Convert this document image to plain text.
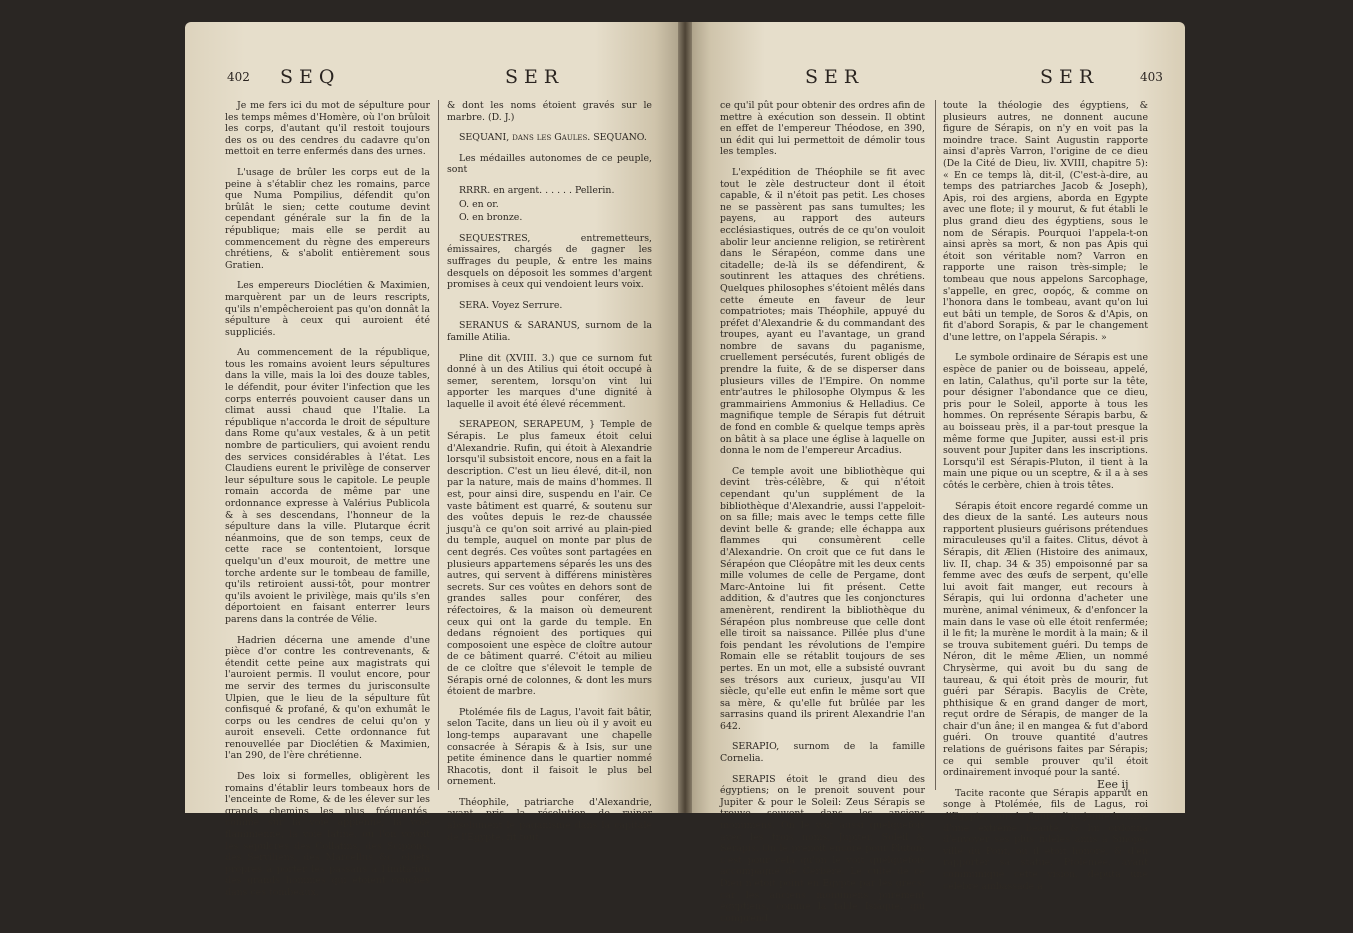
402 SEQ	SER

Je me fers ici du mot de sépulture pour les temps mêmes d'Homère, où l'on brûloit les corps, d'autant qu'il restoit toujours des os ou des cendres du cadavre qu'on mettoit en terre enfermés dans des urnes.

L'usage de brûler les corps eut de la peine à s'établir chez les romains, parce que Numa Pompilius, défendit qu'on brûlât le sien; cette coutume devint cependant générale sur la fin de la république; mais elle se perdit au commencement du règne des empereurs chrétiens, & s'abolit entièrement sous Gratien.

Les empereurs Dioclétien & Maximien, marquèrent par un de leurs rescripts, qu'ils n'empêcheroient pas qu'on donnât la sépulture à ceux qui auroient été suppliciés.

Au commencement de la république, tous les romains avoient leurs sépultures dans la ville, mais la loi des douze tables, le défendit, pour éviter l'infection que les corps enterrés pouvoient causer dans un climat aussi chaud que l'Italie. La république n'accorda le droit de sépulture dans Rome qu'aux vestales, & à un petit nombre de particuliers, qui avoient rendu des services considérables à l'état. Les Claudiens eurent le privilège de conserver leur sépulture sous le capitole. Le peuple romain accorda de même par une ordonnance expresse à Valérius Publicola & à ses descendans, l'honneur de la sépulture dans la ville. Plutarque écrit néanmoins, que de son temps, ceux de cette race se contentoient, lorsque quelqu'un d'eux mouroit, de mettre une torche ardente sur le tombeau de famille, qu'ils retiroient aussi-tôt, pour montrer qu'ils avoient le privilège, mais qu'ils s'en déportoient en faisant enterrer leurs parens dans la contrée de Vélie.

Hadrien décerna une amende d'une pièce d'or contre les contrevenants, & étendit cette peine aux magistrats qui l'auroient permis. Il voulut encore, pour me servir des termes du jurisconsulte Ulpien, que le lieu de la sépulture fût confisqué & profané, & qu'on exhumât le corps ou les cendres de celui qu'on y auroit enseveli. Cette ordonnance fut renouvellée par Dioclétien & Maximien, l'an 290, de l'ère chrétienne.

Des loix si formelles, obligèrent les romains d'établir leurs tombeaux hors de l'enceinte de Rome, & de les élever sur les grands chemins les plus fréquentés, comme sur la voie appienne, la voie flaminienne, la voie latine, où l'on voyoit les sépulcres des Collatins, des Scipions, des Serviliens, des Marcellus &c. objets propres à porter les passans à l'imitation des grands hommes qui étoient couchés dans ces tombeaux,

& dont les noms étoient gravés sur le marbre. (D. J.)

SEQUANI, dans les Gaules. SEQUANO.

Les médailles autonomes de ce peuple, sont

RRRR. en argent. . . . . . Pellerin.

O. en or.

O. en bronze.

SEQUESTRES, entremetteurs, émissaires, chargés de gagner les suffrages du peuple, & entre les mains desquels on déposoit les sommes d'argent promises à ceux qui vendoient leurs voix.

SERA. Voyez Serrure.

SERANUS & SARANUS, surnom de la famille Atilia.

Pline dit (XVIII. 3.) que ce surnom fut donné à un des Atilius qui étoit occupé à semer, serentem, lorsqu'on vint lui apporter les marques d'une dignité à laquelle il avoit été élevé récemment.

SERAPEON, SERAPEUM, } Temple de Sérapis. Le plus fameux étoit celui d'Alexandrie. Rufin, qui étoit à Alexandrie lorsqu'il subsistoit encore, nous en a fait la description. C'est un lieu élevé, dit-il, non par la nature, mais de mains d'hommes. Il est, pour ainsi dire, suspendu en l'air. Ce vaste bâtiment est quarré, & soutenu sur des voûtes depuis le rez-de chaussée jusqu'à ce qu'on soit arrivé au plain-pied du temple, auquel on monte par plus de cent degrés. Ces voûtes sont partagées en plusieurs appartemens séparés les uns des autres, qui servent à différens ministères secrets. Sur ces voûtes en dehors sont de grandes salles pour conférer, des réfectoires, & la maison où demeurent ceux qui ont la garde du temple. En dedans régnoient des portiques qui composoient une espèce de cloître autour de ce bâtiment quarré. C'étoit au milieu de ce cloître que s'élevoit le temple de Sérapis orné de colonnes, & dont les murs étoient de marbre.

Ptolémée fils de Lagus, l'avoit fait bâtir, selon Tacite, dans un lieu où il y avoit eu long-temps auparavant une chapelle consacrée à Sérapis & à Isis, sur une petite éminence dans le quartier nommé Rhacotis, dont il faisoit le plus bel ornement.

Théophile, patriarche d'Alexandrie, ayant pris la résolution de ruiner absolument le paganisme dans la capitale de l'Egypte, fit tout

SER	SER	403

ce qu'il pût pour obtenir des ordres afin de mettre à exécution son dessein. Il obtint en effet de l'empereur Théodose, en 390, un édit qui lui permettoit de démolir tous les temples.

L'expédition de Théophile se fit avec tout le zèle destructeur dont il étoit capable, & il n'étoit pas petit. Les choses ne se passèrent pas sans tumultes; les payens, au rapport des auteurs ecclésiastiques, outrés de ce qu'on vouloit abolir leur ancienne religion, se retirèrent dans le Sérapéon, comme dans une citadelle; de-là ils se défendirent, & soutinrent les attaques des chrétiens. Quelques philosophes s'étoient mêlés dans cette émeute en faveur de leur compatriotes; mais Théophile, appuyé du préfet d'Alexandrie & du commandant des troupes, ayant eu l'avantage, un grand nombre de savans du paganisme, cruellement persécutés, furent obligés de prendre la fuite, & de se disperser dans plusieurs villes de l'Empire. On nomme entr'autres le philosophe Olympus & les grammairiens Ammonius & Helladius. Ce magnifique temple de Sérapis fut détruit de fond en comble & quelque temps après on bâtit à sa place une église à laquelle on donna le nom de l'empereur Arcadius.

Ce temple avoit une bibliothèque qui devint très-célèbre, & qui n'étoit cependant qu'un supplément de la bibliothèque d'Alexandrie, aussi l'appeloit-on sa fille; mais avec le temps cette fille devint belle & grande; elle échappa aux flammes qui consumèrent celle d'Alexandrie. On croit que ce fut dans le Sérapéon que Cléopâtre mit les deux cents mille volumes de celle de Pergame, dont Marc-Antoine lui fit présent. Cette addition, & d'autres que les conjonctures amenèrent, rendirent la bibliothèque du Sérapéon plus nombreuse que celle dont elle tiroit sa naissance. Pillée plus d'une fois pendant les révolutions de l'empire Romain elle se rétablit toujours de ses pertes. En un mot, elle a subsisté ouvrant ses trésors aux curieux, jusqu'au VII siècle, qu'elle eut enfin le même sort que sa mère, & qu'elle fut brûlée par les sarrasins quand ils prirent Alexandrie l'an 642.

SERAPIO, surnom de la famille Cornelia.

SERAPIS étoit le grand dieu des égyptiens; on le prenoit souvent pour Jupiter & pour le Soleil: Zeus Sérapis se trouve souvent dans les anciens monumens. On le voit aussi quelquefois avec les trois noms, Jupiter, Soleil & Sérapis. On le prenoit encore pour Pluton; c'est pour cela qu'on le voit quelquefois accompagné de Cerbère. Le culte de ce Dieu n'étoit point en Egypte par les grecs; car les anciens monumens purement égyptiens, comme la table Isiaque, qui comprend

toute la théologie des égyptiens, & plusieurs autres, ne donnent aucune figure de Sérapis, on n'y en voit pas la moindre trace. Saint Augustin rapporte ainsi d'après Varron, l'origine de ce dieu (De la Cité de Dieu, liv. XVIII, chapitre 5): « En ce temps là, dit-il, (C'est-à-dire, au temps des patriarches Jacob & Joseph), Apis, roi des argiens, aborda en Egypte avec une flote; il y mourut, & fut établi le plus grand dieu des égyptiens, sous le nom de Sérapis. Pourquoi l'appela-t-on ainsi après sa mort, & non pas Apis qui étoit son véritable nom? Varron en rapporte une raison très-simple; le tombeau que nous appelons Sarcophage, s'appelle, en grec, σορός, & comme on l'honora dans le tombeau, avant qu'on lui eut bâti un temple, de Soros & d'Apis, on fit d'abord Sorapis, & par le changement d'une lettre, on l'appela Sérapis. »

Le symbole ordinaire de Sérapis est une espèce de panier ou de boisseau, appelé, en latin, Calathus, qu'il porte sur la tête, pour désigner l'abondance que ce dieu, pris pour le Soleil, apporte à tous les hommes. On représente Sérapis barbu, & au boisseau près, il a par-tout presque la même forme que Jupiter, aussi est-il pris souvent pour Jupiter dans les inscriptions. Lorsqu'il est Sérapis-Pluton, il tient à la main une pique ou un sceptre, & il a à ses côtés le cerbère, chien à trois têtes.

Sérapis étoit encore regardé comme un des dieux de la santé. Les auteurs nous rapportent plusieurs guérisons prétendues miraculeuses qu'il a faites. Clitus, dévot à Sérapis, dit Ælien (Histoire des animaux, liv. II, chap. 34 & 35) empoisonné par sa femme avec des œufs de serpent, qu'elle lui avoit fait manger, eut recours à Sérapis, qui lui ordonna d'acheter une murène, animal vénimeux, & d'enfoncer la main dans le vase où elle étoit renfermée; il le fit; la murène le mordit à la main; & il se trouva subitement guéri. Du temps de Néron, dit le même Ælien, un nommé Chrysèrme, qui avoit bu du sang de taureau, & qui étoit près de mourir, fut guéri par Sérapis. Bacylis de Crète, phthisique & en grand danger de mort, reçut ordre de Sérapis, de manger de la chair d'un âne; il en mangea & fut d'abord guéri. On trouve quantité d'autres relations de guérisons faites par Sérapis; ce qui semble prouver qu'il étoit ordinairement invoqué pour la santé.

Tacite raconte que Sérapis apparut en songe à Ptolémée, fils de Lagus, roi d'Egypte, sous la figure d'un jeune homme d'une extrême beauté, & lui ordonna d'envoyer ses plus fidèles amis à Sinope, ville du Pont, où il étoit honoré, & d'en rapporter sa statue. Ptolémée, ayant communiqué cette vision, députa une célèbre ambassade à

Eee ij
